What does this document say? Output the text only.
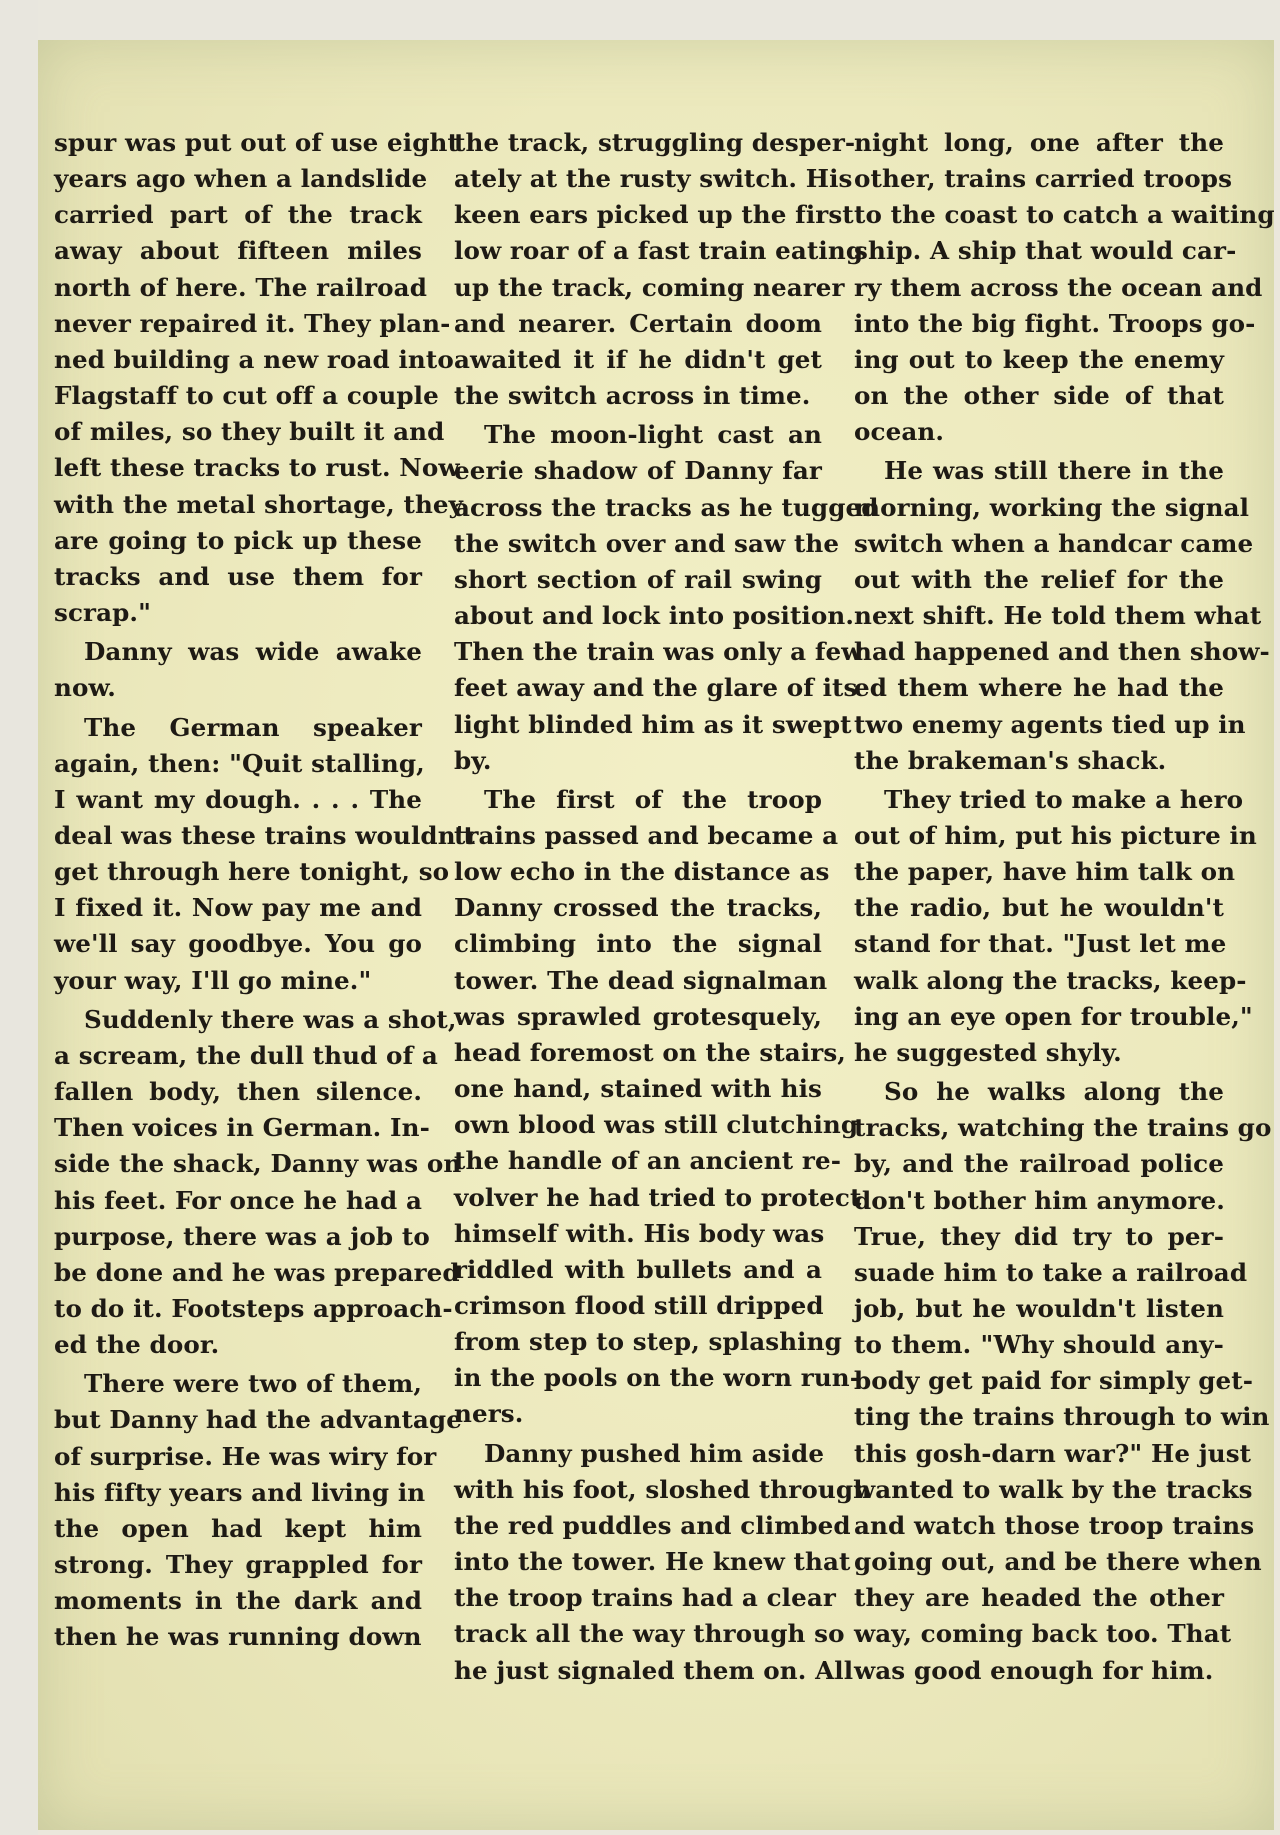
spur was put out of use eight
years ago when a landslide
carried part of the track
away about fifteen miles
north of here. The railroad
never repaired it. They plan-
ned building a new road into
Flagstaff to cut off a couple
of miles, so they built it and
left these tracks to rust. Now
with the metal shortage, they
are going to pick up these
tracks and use them for
scrap."
Danny was wide awake
now.
The German speaker
again, then: "Quit stalling,
I want my dough. . . . The
deal was these trains wouldn't
get through here tonight, so
I fixed it. Now pay me and
we'll say goodbye. You go
your way, I'll go mine."
Suddenly there was a shot,
a scream, the dull thud of a
fallen body, then silence.
Then voices in German. In-
side the shack, Danny was on
his feet. For once he had a
purpose, there was a job to
be done and he was prepared
to do it. Footsteps approach-
ed the door.
There were two of them,
but Danny had the advantage
of surprise. He was wiry for
his fifty years and living in
the open had kept him
strong. They grappled for
moments in the dark and
then he was running down
the track, struggling desper-
ately at the rusty switch. His
keen ears picked up the first
low roar of a fast train eating
up the track, coming nearer
and nearer. Certain doom
awaited it if he didn't get
the switch across in time.
The moon-light cast an
eerie shadow of Danny far
across the tracks as he tugged
the switch over and saw the
short section of rail swing
about and lock into position.
Then the train was only a few
feet away and the glare of its
light blinded him as it swept
by.
The first of the troop
trains passed and became a
low echo in the distance as
Danny crossed the tracks,
climbing into the signal
tower. The dead signalman
was sprawled grotesquely,
head foremost on the stairs,
one hand, stained with his
own blood was still clutching
the handle of an ancient re-
volver he had tried to protect
himself with. His body was
riddled with bullets and a
crimson flood still dripped
from step to step, splashing
in the pools on the worn run-
ners.
Danny pushed him aside
with his foot, sloshed through
the red puddles and climbed
into the tower. He knew that
the troop trains had a clear
track all the way through so
he just signaled them on. All
night long, one after the
other, trains carried troops
to the coast to catch a waiting
ship. A ship that would car-
ry them across the ocean and
into the big fight. Troops go-
ing out to keep the enemy
on the other side of that
ocean.
He was still there in the
morning, working the signal
switch when a handcar came
out with the relief for the
next shift. He told them what
had happened and then show-
ed them where he had the
two enemy agents tied up in
the brakeman's shack.
They tried to make a hero
out of him, put his picture in
the paper, have him talk on
the radio, but he wouldn't
stand for that. "Just let me
walk along the tracks, keep-
ing an eye open for trouble,"
he suggested shyly.
So he walks along the
tracks, watching the trains go
by, and the railroad police
don't bother him anymore.
True, they did try to per-
suade him to take a railroad
job, but he wouldn't listen
to them. "Why should any-
body get paid for simply get-
ting the trains through to win
this gosh-darn war?" He just
wanted to walk by the tracks
and watch those troop trains
going out, and be there when
they are headed the other
way, coming back too. That
was good enough for him.
